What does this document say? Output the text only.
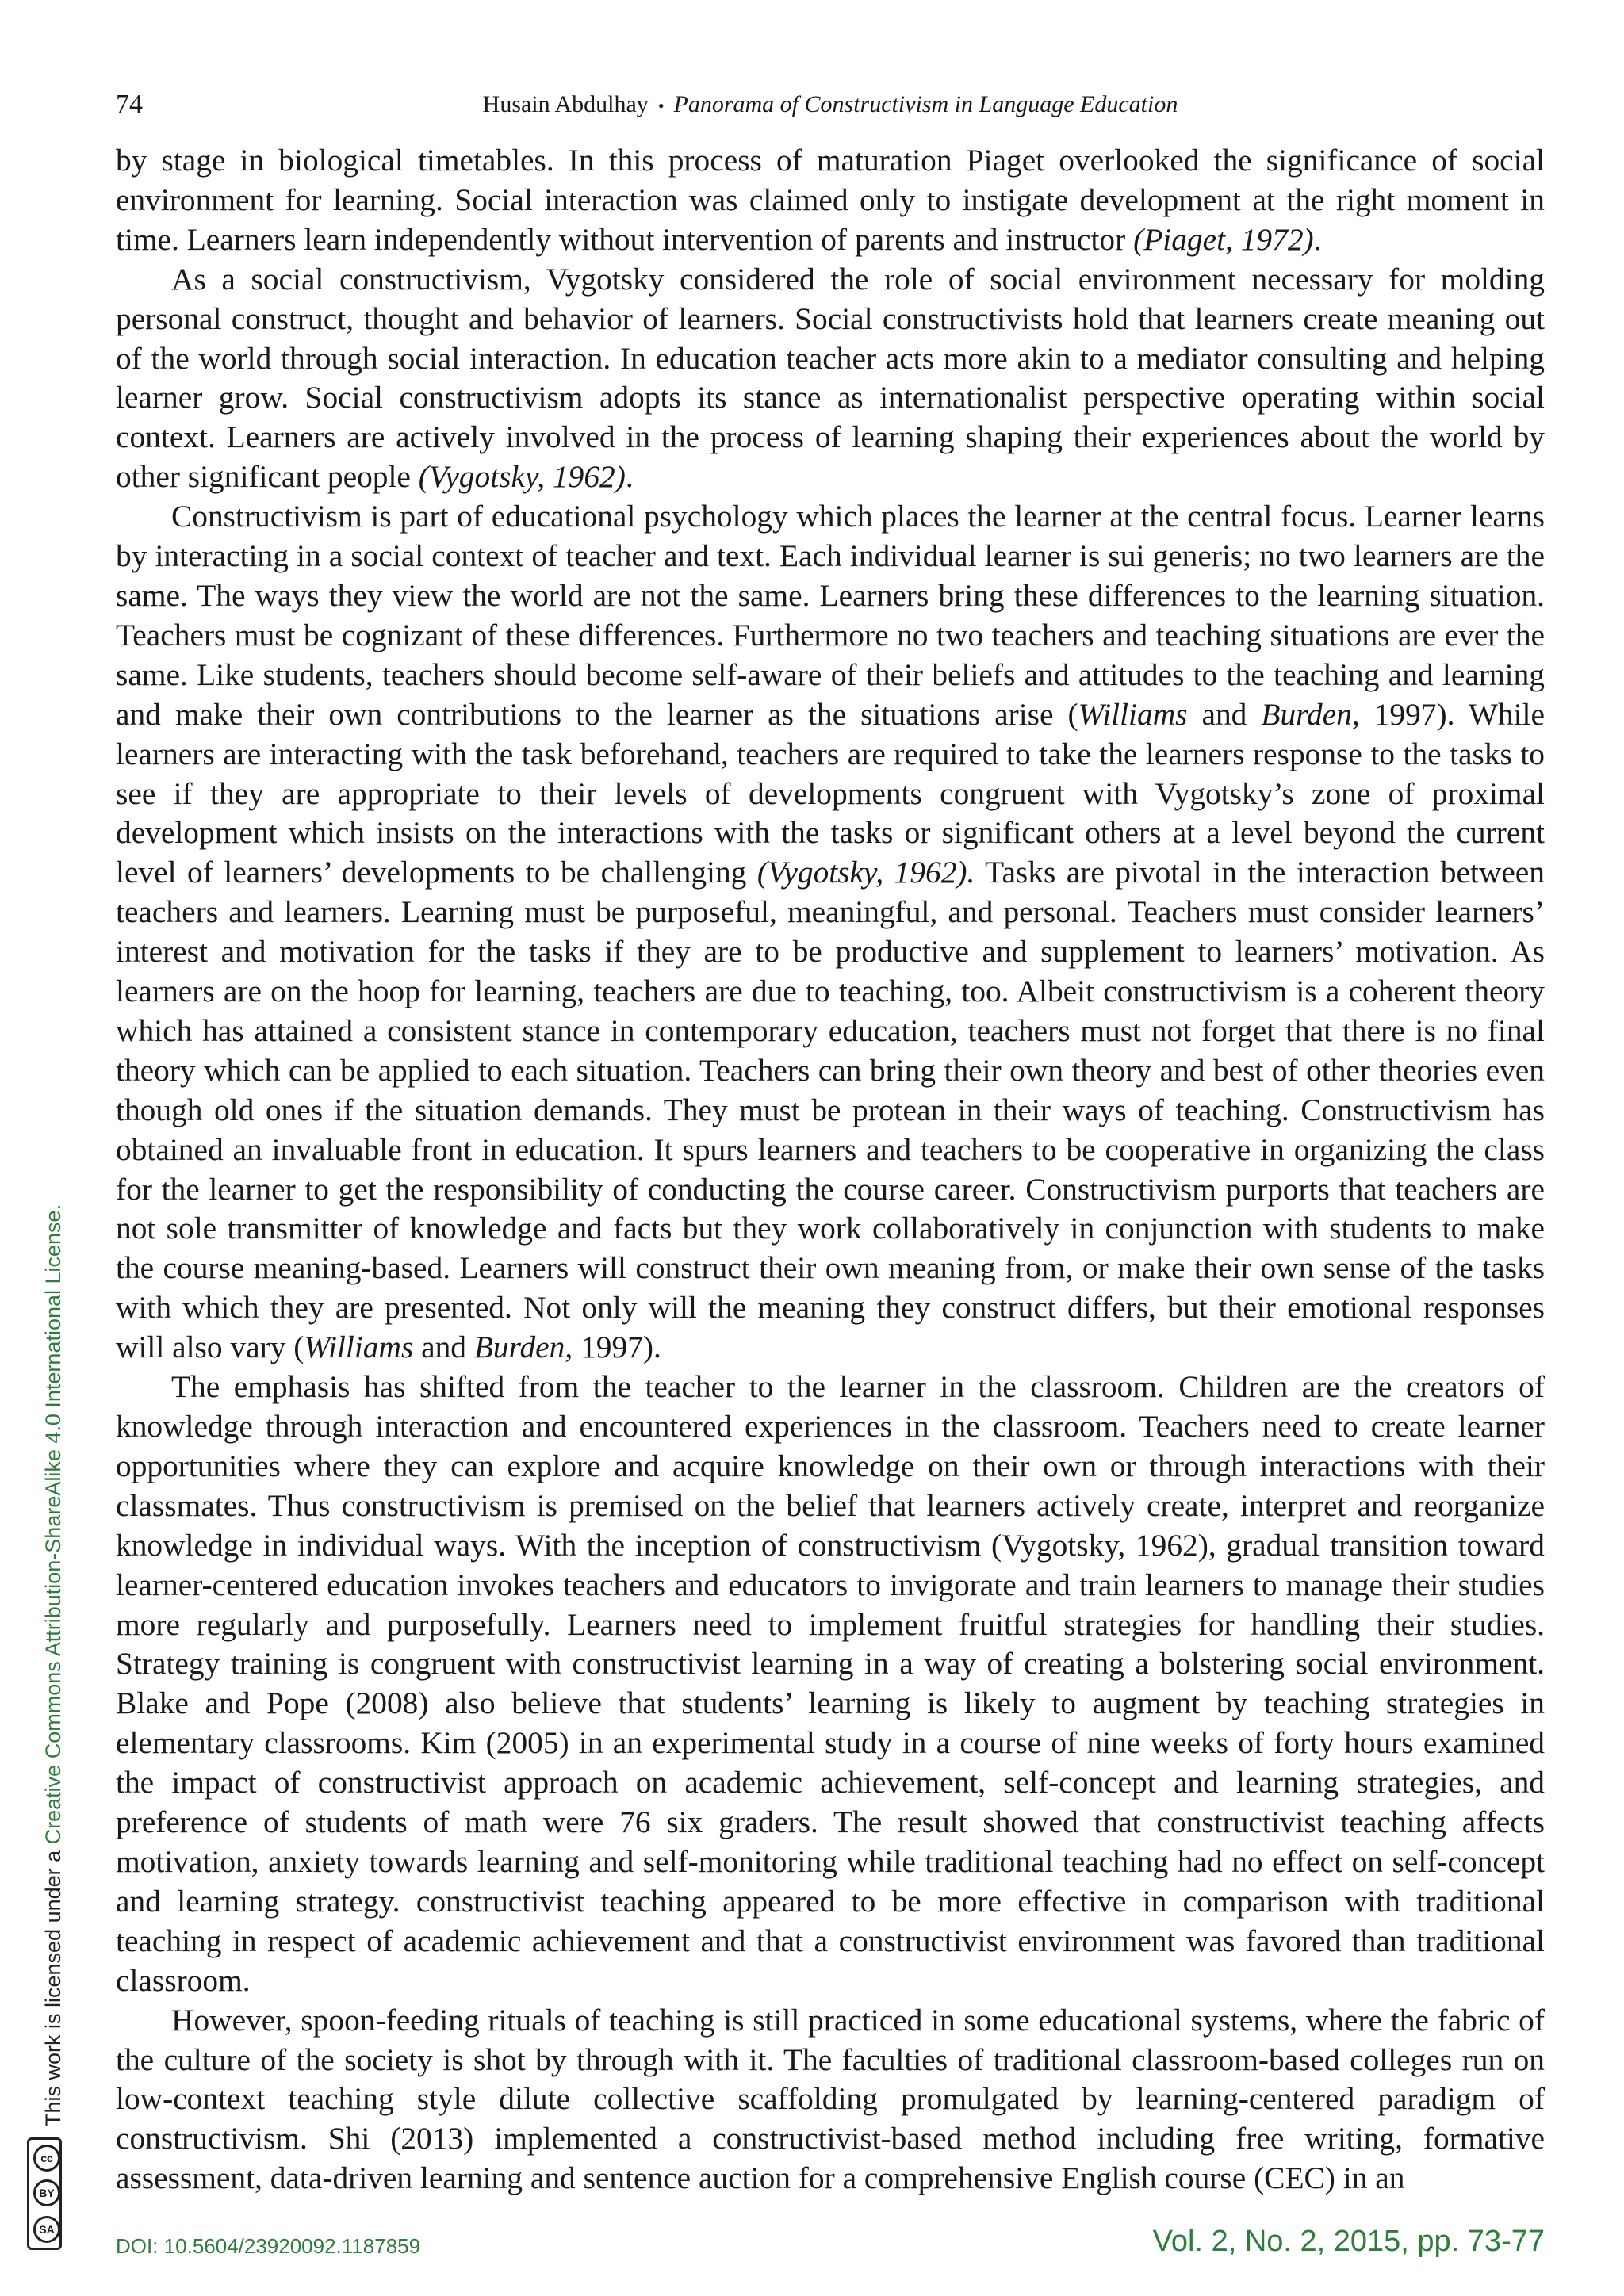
74	Husain Abdulhay • Panorama of Constructivism in Language Education

by stage in biological timetables. In this process of maturation Piaget overlooked the significance of social environment for learning. Social interaction was claimed only to instigate development at the right moment in time. Learners learn independently without intervention of parents and instructor (Piaget, 1972).

As a social constructivism, Vygotsky considered the role of social environment necessary for molding personal construct, thought and behavior of learners. Social constructivists hold that learners create meaning out of the world through social interaction. In education teacher acts more akin to a mediator consulting and helping learner grow. Social constructivism adopts its stance as internationalist perspective operating within social context. Learners are actively involved in the process of learning shaping their experiences about the world by other significant people (Vygotsky, 1962).

Constructivism is part of educational psychology which places the learner at the central focus. Learner learns by interacting in a social context of teacher and text. Each individual learner is sui generis; no two learners are the same. The ways they view the world are not the same. Learners bring these differences to the learning situation. Teachers must be cognizant of these differences. Furthermore no two teachers and teaching situations are ever the same. Like students, teachers should become self-aware of their beliefs and attitudes to the teaching and learning and make their own contributions to the learner as the situations arise (Williams and Burden, 1997). While learners are interacting with the task beforehand, teachers are required to take the learners response to the tasks to see if they are appropriate to their levels of developments congruent with Vygotsky’s zone of proximal development which insists on the interactions with the tasks or significant others at a level beyond the current level of learners’ developments to be challenging (Vygotsky, 1962). Tasks are pivotal in the interaction between teachers and learners. Learning must be purposeful, meaningful, and personal. Teachers must consider learners’ interest and motivation for the tasks if they are to be productive and supplement to learners’ motivation. As learners are on the hoop for learning, teachers are due to teaching, too. Albeit constructivism is a coherent theory which has attained a consistent stance in contemporary education, teachers must not forget that there is no final theory which can be applied to each situation. Teachers can bring their own theory and best of other theories even though old ones if the situation demands. They must be protean in their ways of teaching. Constructivism has obtained an invaluable front in education. It spurs learners and teachers to be cooperative in organizing the class for the learner to get the responsibility of conducting the course career. Constructivism purports that teachers are not sole transmitter of knowledge and facts but they work collaboratively in conjunction with students to make the course meaning-based. Learners will construct their own meaning from, or make their own sense of the tasks with which they are presented. Not only will the meaning they construct differs, but their emotional responses will also vary (Williams and Burden, 1997).

The emphasis has shifted from the teacher to the learner in the classroom. Children are the creators of knowledge through interaction and encountered experiences in the classroom. Teachers need to create learner opportunities where they can explore and acquire knowledge on their own or through interactions with their classmates. Thus constructivism is premised on the belief that learners actively create, interpret and reorganize knowledge in individual ways. With the inception of constructivism (Vygotsky, 1962), gradual transition toward learner-centered education invokes teachers and educators to invigorate and train learners to manage their studies more regularly and purposefully. Learners need to implement fruitful strategies for handling their studies. Strategy training is congruent with constructivist learning in a way of creating a bolstering social environment. Blake and Pope (2008) also believe that students’ learning is likely to augment by teaching strategies in elementary classrooms. Kim (2005) in an experimental study in a course of nine weeks of forty hours examined the impact of constructivist approach on academic achievement, self-concept and learning strategies, and preference of students of math were 76 six graders. The result showed that constructivist teaching affects motivation, anxiety towards learning and self-monitoring while traditional teaching had no effect on self-concept and learning strategy. constructivist teaching appeared to be more effective in comparison with traditional teaching in respect of academic achievement and that a constructivist environment was favored than traditional classroom.

However, spoon-feeding rituals of teaching is still practiced in some educational systems, where the fabric of the culture of the society is shot by through with it. The faculties of traditional classroom-based colleges run on low-context teaching style dilute collective scaffolding promulgated by learning-centered paradigm of constructivism. Shi (2013) implemented a constructivist-based method including free writing, formative assessment, data-driven learning and sentence auction for a comprehensive English course (CEC) in an

This work is licensed under a Creative Commons Attribution-ShareAlike 4.0 International License.
cc
BY
SA
DOI: 10.5604/23920092.1187859	Vol. 2, No. 2, 2015, pp. 73-77
